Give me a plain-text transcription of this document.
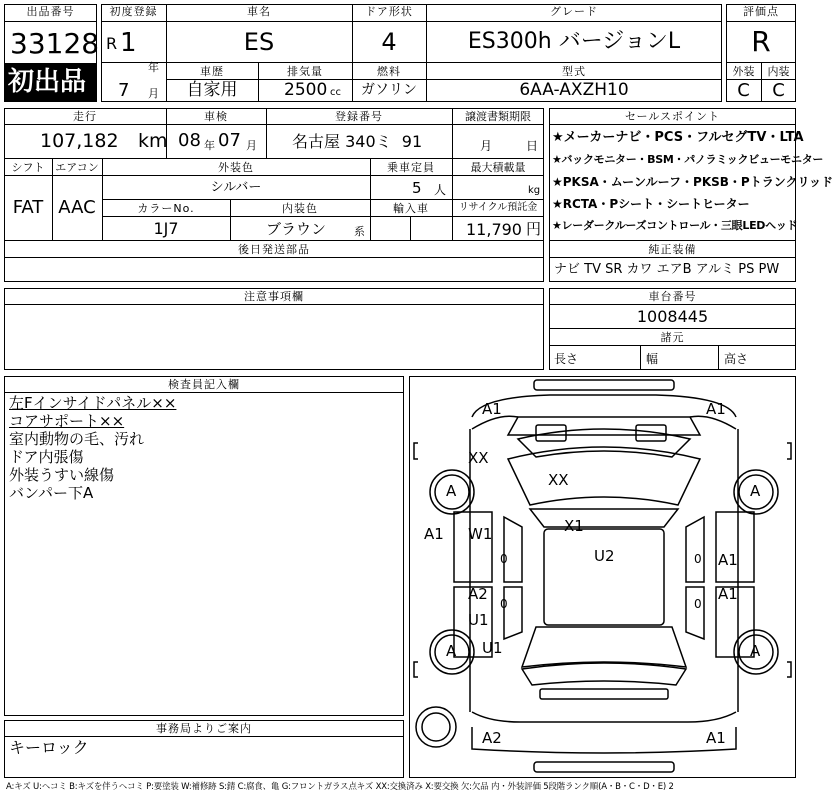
出品番号
33128
初出品
初度登録
R 1
年
7 月
車名
ES
ドア形状
4
グレード
ES300h バージョンL
車歴
自家用
排気量
2500 cc
燃料
ガソリン
型式
6AA-AXZH10
評価点
R
外装	内装
C	C
走行
107,182 km
車検
08 年 07 月
登録番号
名古屋 340ミ  91
譲渡書類期限
月	日
シフト
FAT
エアコン
AAC
外装色
シルバー
乗車定員
5 人
最大積載量
kg
カラーNo.
1J7
内装色
ブラウン	系
輸入車	リサイクル預託金
11,790 円
後日発送部品
セールスポイント
★メーカーナビ・PCS・フルセグTV・LTA
★バックモニター・BSM・パノラミックビューモニター
★PKSA・ムーンルーフ・PKSB・Pトランクリッド
★RCTA・Pシート・シートヒーター
★レーダークルーズコントロール・三眼LEDヘッド
純正装備
ナビ TV SR カワ エアB アルミ PS PW
注意事項欄	車台番号
1008445
諸元
長さ	幅	高さ
検査員記入欄
左Fインサイドパネル××
コアサポート××
室内動物の毛、汚れ
ドア内張傷
外装うすい線傷
バンパー下A
事務局よりご案内
キーロック
A1	A1
XX
XX
A	A
A1 W1
0
X1
U2	A1
0
A2
0
U1
A1
0
U1
A	A
A2	A1
A:キズ U:ヘコミ B:キズを伴うヘコミ P:要塗装 W:補修跡 S:錆 C:腐食、亀 G:フロントガラス点キズ XX:交換済み X:要交換 欠:欠品 内・外装評価 5段階ランク順(A・B・C・D・E) 2
